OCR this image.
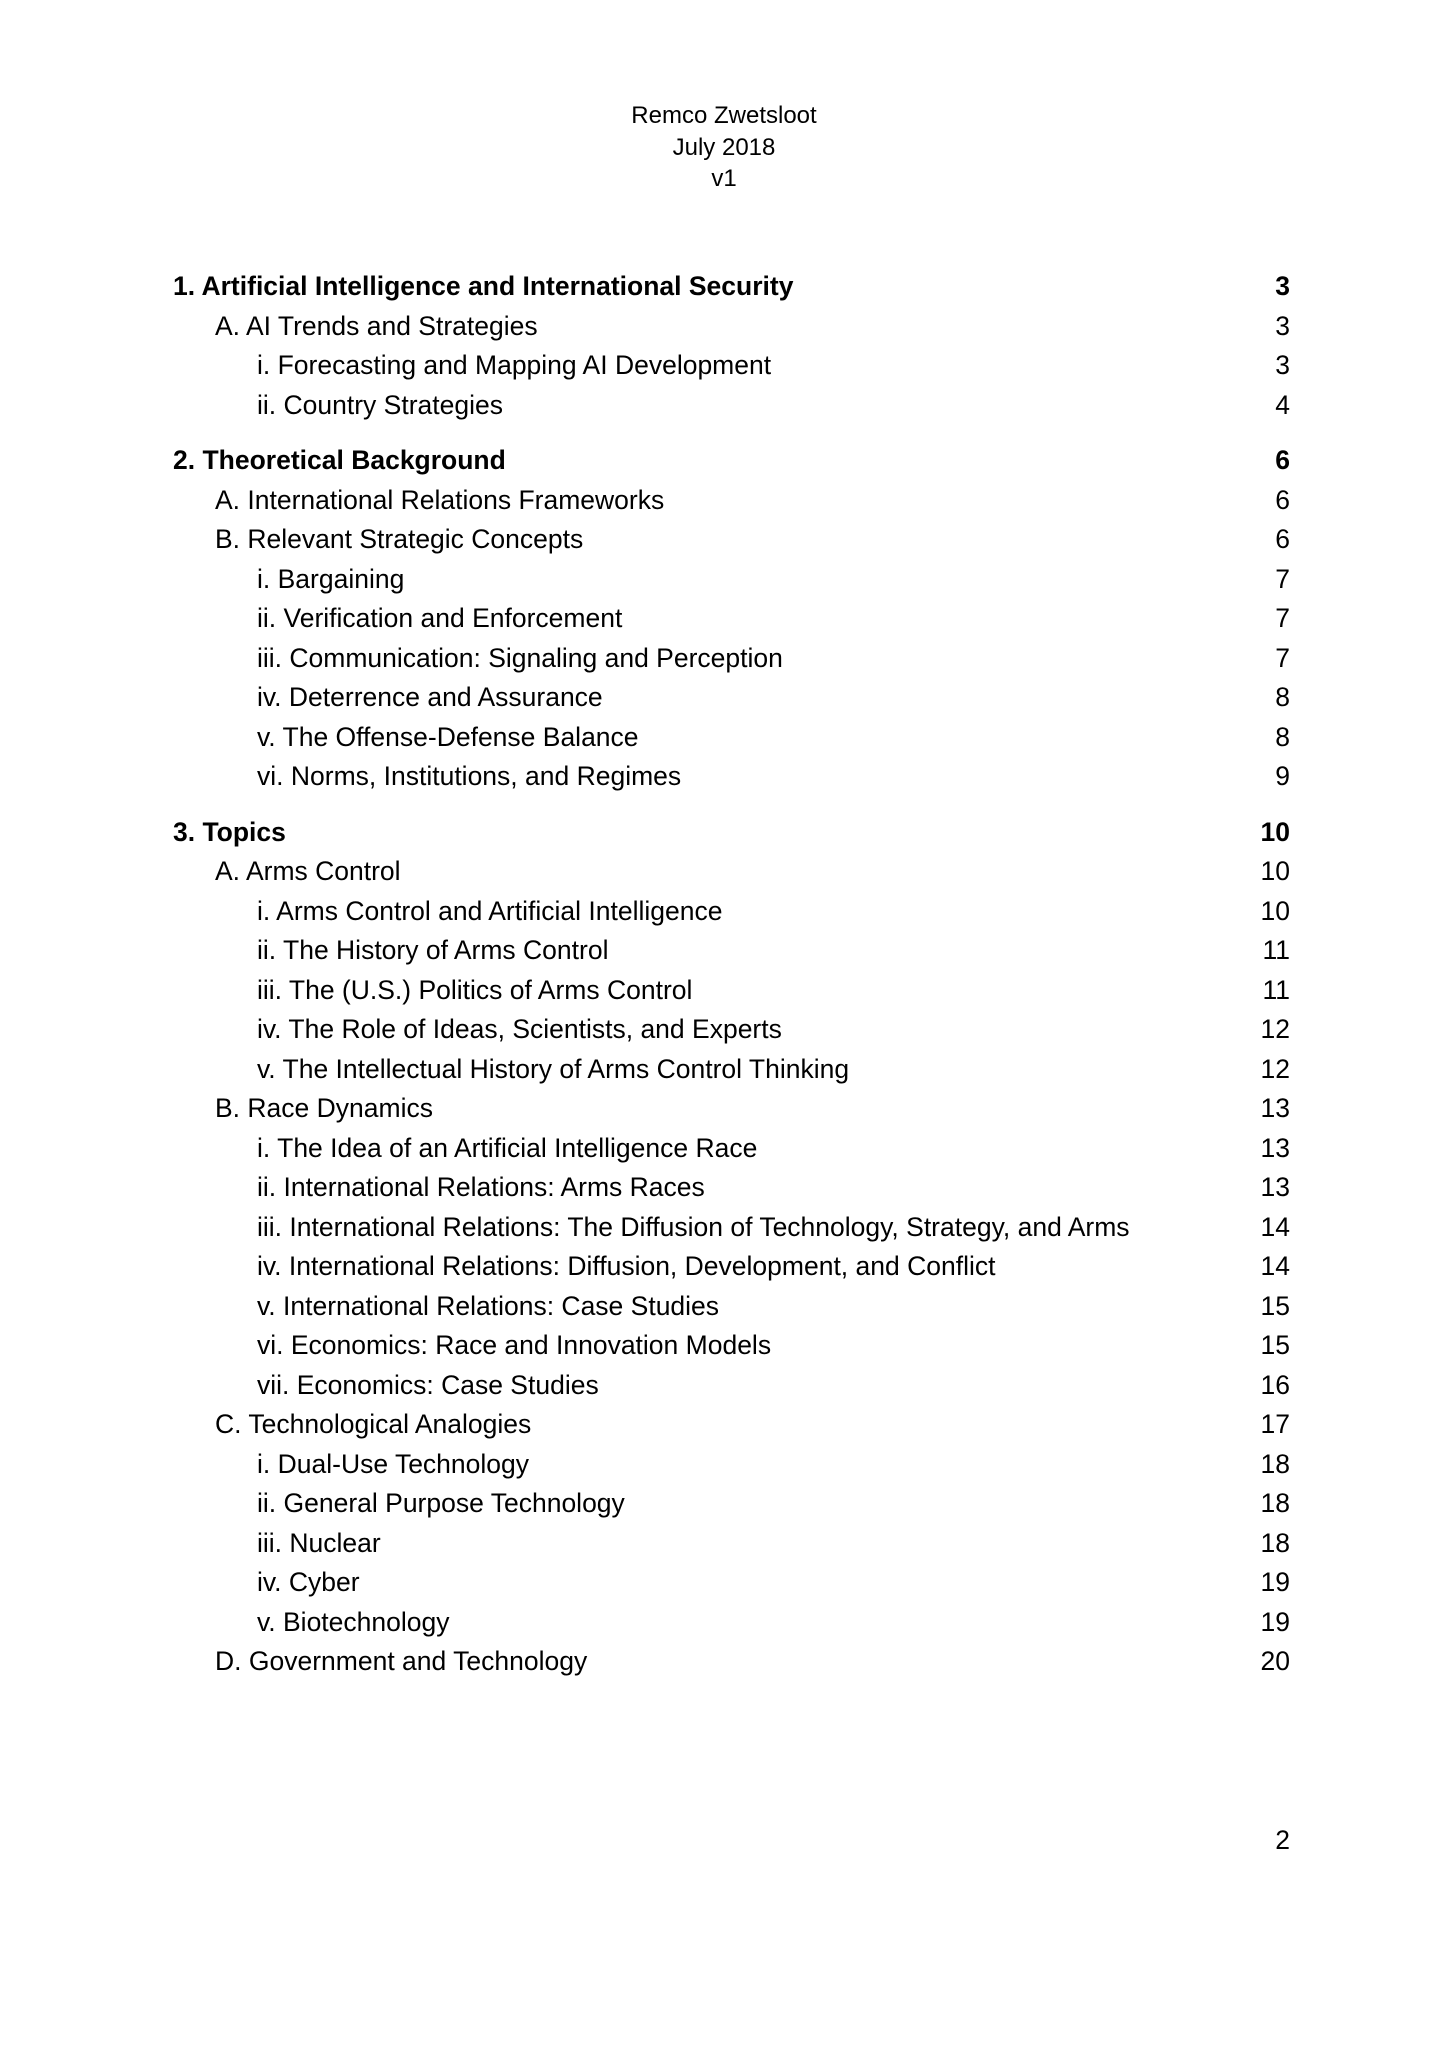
Remco Zwetsloot
July 2018
v1
1. Artificial Intelligence and International Security	3
A. AI Trends and Strategies	3
i. Forecasting and Mapping AI Development	3
ii. Country Strategies	4
2. Theoretical Background	6
A. International Relations Frameworks	6
B. Relevant Strategic Concepts	6
i. Bargaining	7
ii. Verification and Enforcement	7
iii. Communication: Signaling and Perception	7
iv. Deterrence and Assurance	8
v. The Offense-Defense Balance	8
vi. Norms, Institutions, and Regimes	9
3. Topics	10
A. Arms Control	10
i. Arms Control and Artificial Intelligence	10
ii. The History of Arms Control	11
iii. The (U.S.) Politics of Arms Control	11
iv. The Role of Ideas, Scientists, and Experts	12
v. The Intellectual History of Arms Control Thinking	12
B. Race Dynamics	13
i. The Idea of an Artificial Intelligence Race	13
ii. International Relations: Arms Races	13
iii. International Relations: The Diffusion of Technology, Strategy, and Arms	14
iv. International Relations: Diffusion, Development, and Conflict	14
v. International Relations: Case Studies	15
vi. Economics: Race and Innovation Models	15
vii. Economics: Case Studies	16
C. Technological Analogies	17
i. Dual-Use Technology	18
ii. General Purpose Technology	18
iii. Nuclear	18
iv. Cyber	19
v. Biotechnology	19
D. Government and Technology	20
2
